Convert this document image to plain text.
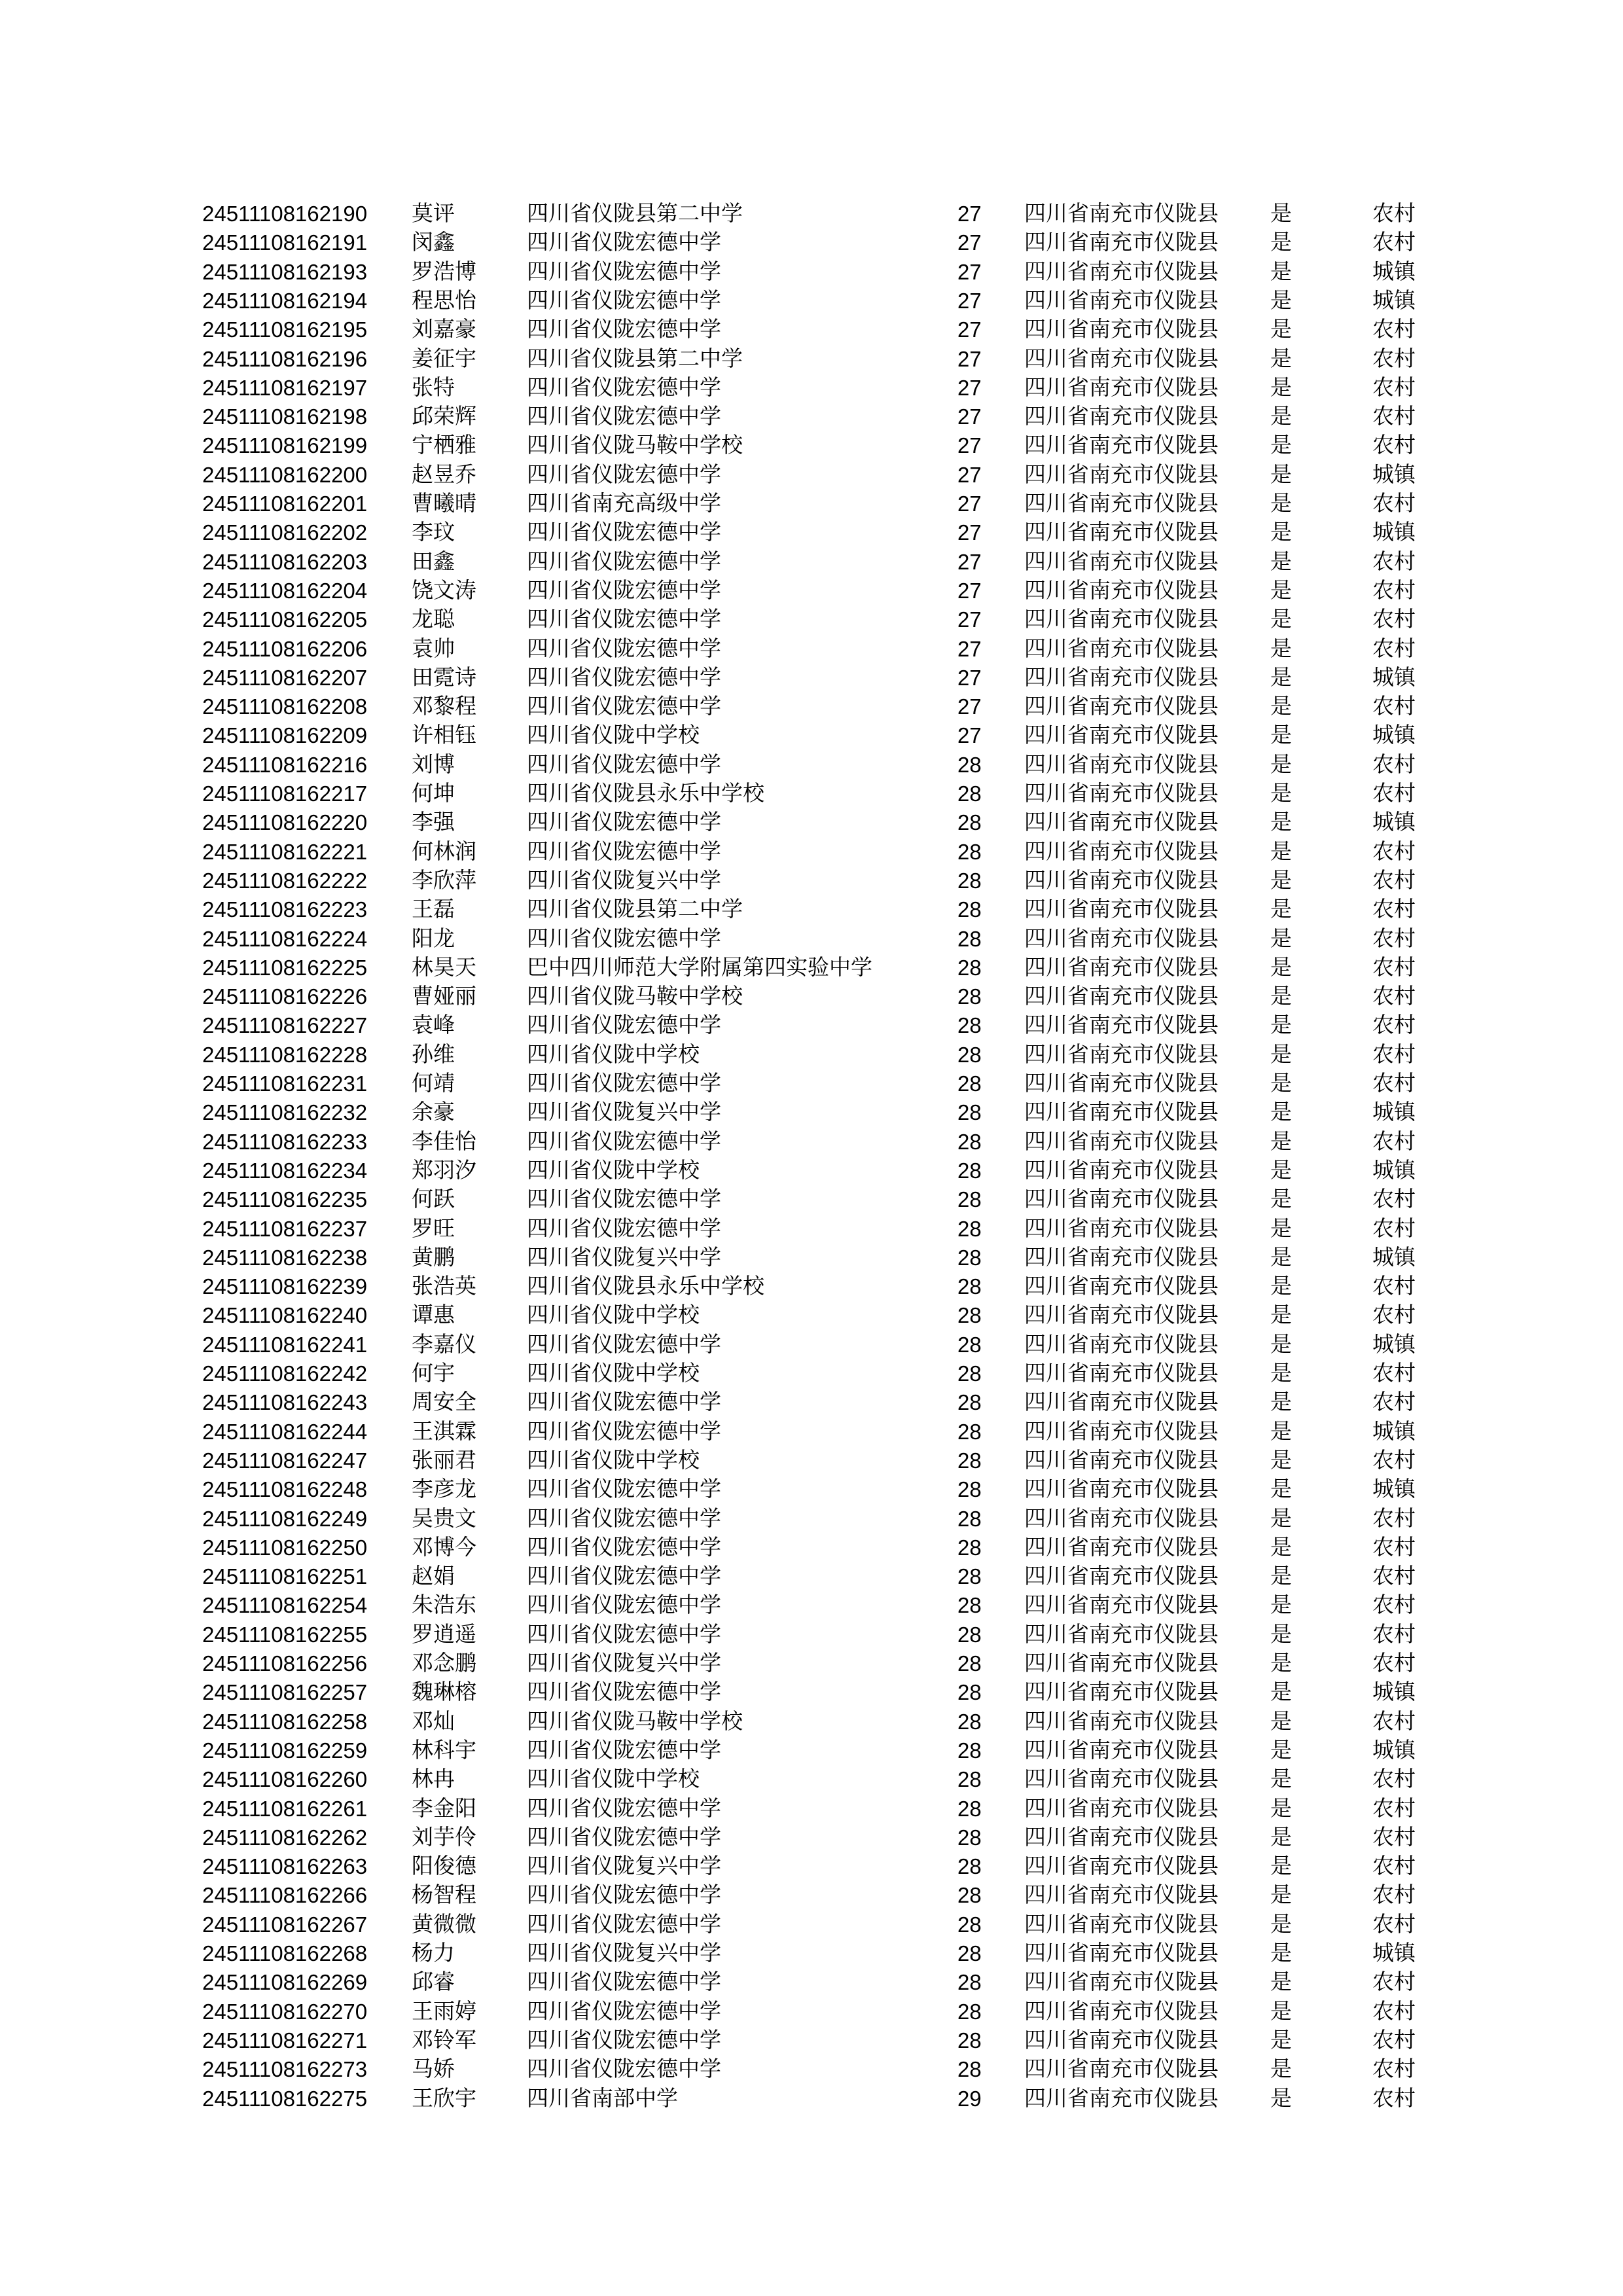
24511108162190 莫评	四川省仪陇县第二中学	27 四川省南充市仪陇县 是	农村
24511108162191 闵鑫	四川省仪陇宏德中学	27 四川省南充市仪陇县 是	农村
24511108162193 罗浩博 四川省仪陇宏德中学	27 四川省南充市仪陇县 是	城镇
24511108162194 程思怡 四川省仪陇宏德中学	27 四川省南充市仪陇县 是	城镇
24511108162195 刘嘉豪 四川省仪陇宏德中学	27 四川省南充市仪陇县 是	农村
24511108162196 姜征宇 四川省仪陇县第二中学	27 四川省南充市仪陇县 是	农村
24511108162197 张特	四川省仪陇宏德中学	27 四川省南充市仪陇县 是	农村
24511108162198 邱荣辉 四川省仪陇宏德中学	27 四川省南充市仪陇县 是	农村
24511108162199 宁栖雅 四川省仪陇马鞍中学校	27 四川省南充市仪陇县 是	农村
24511108162200 赵昱乔 四川省仪陇宏德中学	27 四川省南充市仪陇县 是	城镇
24511108162201 曹曦晴 四川省南充高级中学	27 四川省南充市仪陇县 是	农村
24511108162202 李玟	四川省仪陇宏德中学	27 四川省南充市仪陇县 是	城镇
24511108162203 田鑫	四川省仪陇宏德中学	27 四川省南充市仪陇县 是	农村
24511108162204 饶文涛 四川省仪陇宏德中学	27 四川省南充市仪陇县 是	农村
24511108162205 龙聪	四川省仪陇宏德中学	27 四川省南充市仪陇县 是	农村
24511108162206 袁帅	四川省仪陇宏德中学	27 四川省南充市仪陇县 是	农村
24511108162207 田霓诗 四川省仪陇宏德中学	27 四川省南充市仪陇县 是	城镇
24511108162208 邓黎程 四川省仪陇宏德中学	27 四川省南充市仪陇县 是	农村
24511108162209 许相钰 四川省仪陇中学校	27 四川省南充市仪陇县 是	城镇
24511108162216 刘博	四川省仪陇宏德中学	28 四川省南充市仪陇县 是	农村
24511108162217 何坤	四川省仪陇县永乐中学校	28 四川省南充市仪陇县 是	农村
24511108162220 李强	四川省仪陇宏德中学	28 四川省南充市仪陇县 是	城镇
24511108162221 何林润 四川省仪陇宏德中学	28 四川省南充市仪陇县 是	农村
24511108162222 李欣萍 四川省仪陇复兴中学	28 四川省南充市仪陇县 是	农村
24511108162223 王磊	四川省仪陇县第二中学	28 四川省南充市仪陇县 是	农村
24511108162224 阳龙	四川省仪陇宏德中学	28 四川省南充市仪陇县 是	农村
24511108162225 林昊天 巴中四川师范大学附属第四实验中学	28 四川省南充市仪陇县 是	农村
24511108162226 曹娅丽 四川省仪陇马鞍中学校	28 四川省南充市仪陇县 是	农村
24511108162227 袁峰	四川省仪陇宏德中学	28 四川省南充市仪陇县 是	农村
24511108162228 孙维	四川省仪陇中学校	28 四川省南充市仪陇县 是	农村
24511108162231 何靖	四川省仪陇宏德中学	28 四川省南充市仪陇县 是	农村
24511108162232 余豪	四川省仪陇复兴中学	28 四川省南充市仪陇县 是	城镇
24511108162233 李佳怡 四川省仪陇宏德中学	28 四川省南充市仪陇县 是	农村
24511108162234 郑羽汐 四川省仪陇中学校	28 四川省南充市仪陇县 是	城镇
24511108162235 何跃	四川省仪陇宏德中学	28 四川省南充市仪陇县 是	农村
24511108162237 罗旺	四川省仪陇宏德中学	28 四川省南充市仪陇县 是	农村
24511108162238 黄鹏	四川省仪陇复兴中学	28 四川省南充市仪陇县 是	城镇
24511108162239 张浩英 四川省仪陇县永乐中学校	28 四川省南充市仪陇县 是	农村
24511108162240 谭惠	四川省仪陇中学校	28 四川省南充市仪陇县 是	农村
24511108162241 李嘉仪 四川省仪陇宏德中学	28 四川省南充市仪陇县 是	城镇
24511108162242 何宇	四川省仪陇中学校	28 四川省南充市仪陇县 是	农村
24511108162243 周安全 四川省仪陇宏德中学	28 四川省南充市仪陇县 是	农村
24511108162244 王淇霖 四川省仪陇宏德中学	28 四川省南充市仪陇县 是	城镇
24511108162247 张丽君 四川省仪陇中学校	28 四川省南充市仪陇县 是	农村
24511108162248 李彦龙 四川省仪陇宏德中学	28 四川省南充市仪陇县 是	城镇
24511108162249 吴贵文 四川省仪陇宏德中学	28 四川省南充市仪陇县 是	农村
24511108162250 邓博今 四川省仪陇宏德中学	28 四川省南充市仪陇县 是	农村
24511108162251 赵娟	四川省仪陇宏德中学	28 四川省南充市仪陇县 是	农村
24511108162254 朱浩东 四川省仪陇宏德中学	28 四川省南充市仪陇县 是	农村
24511108162255 罗逍遥 四川省仪陇宏德中学	28 四川省南充市仪陇县 是	农村
24511108162256 邓念鹏 四川省仪陇复兴中学	28 四川省南充市仪陇县 是	农村
24511108162257 魏琳榕 四川省仪陇宏德中学	28 四川省南充市仪陇县 是	城镇
24511108162258 邓灿	四川省仪陇马鞍中学校	28 四川省南充市仪陇县 是	农村
24511108162259 林科宇 四川省仪陇宏德中学	28 四川省南充市仪陇县 是	城镇
24511108162260 林冉	四川省仪陇中学校	28 四川省南充市仪陇县 是	农村
24511108162261 李金阳 四川省仪陇宏德中学	28 四川省南充市仪陇县 是	农村
24511108162262 刘芋伶 四川省仪陇宏德中学	28 四川省南充市仪陇县 是	农村
24511108162263 阳俊德 四川省仪陇复兴中学	28 四川省南充市仪陇县 是	农村
24511108162266 杨智程 四川省仪陇宏德中学	28 四川省南充市仪陇县 是	农村
24511108162267 黄微微 四川省仪陇宏德中学	28 四川省南充市仪陇县 是	农村
24511108162268 杨力	四川省仪陇复兴中学	28 四川省南充市仪陇县 是	城镇
24511108162269 邱睿	四川省仪陇宏德中学	28 四川省南充市仪陇县 是	农村
24511108162270 王雨婷 四川省仪陇宏德中学	28 四川省南充市仪陇县 是	农村
24511108162271 邓铃军 四川省仪陇宏德中学	28 四川省南充市仪陇县 是	农村
24511108162273 马娇	四川省仪陇宏德中学	28 四川省南充市仪陇县 是	农村
24511108162275 王欣宇 四川省南部中学	29 四川省南充市仪陇县 是	农村
